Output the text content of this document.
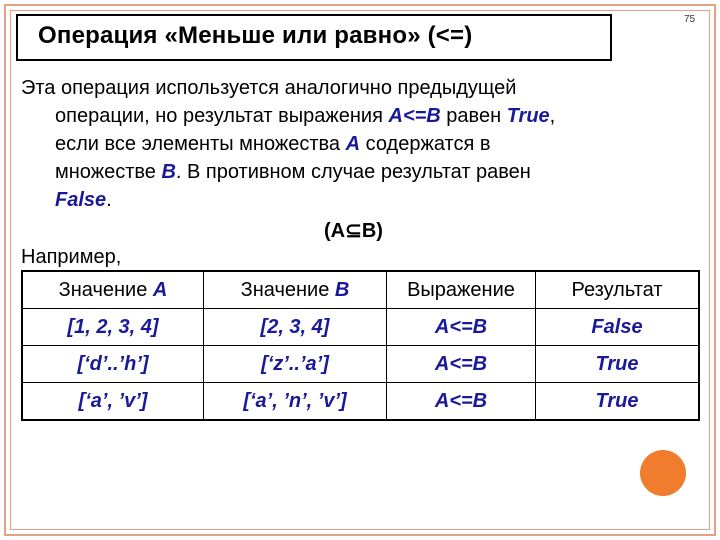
Операция «Меньше или равно» (<=)
75
Эта операция используется аналогично предыдущей
операции, но результат выражения A<=B равен True,
если все элементы множества A содержатся в
множестве B. В противном случае результат равен
False.
(A⊆B)
Например,
Значение A	Значение B	Выражение	Результат
[1, 2, 3, 4]	[2, 3, 4]	A<=B	False
[‘d’..’h’]	[‘z’..’a’]	A<=B	True
[‘a’, ’v’]	[‘a’, ’n’, ’v’]	A<=B	True
